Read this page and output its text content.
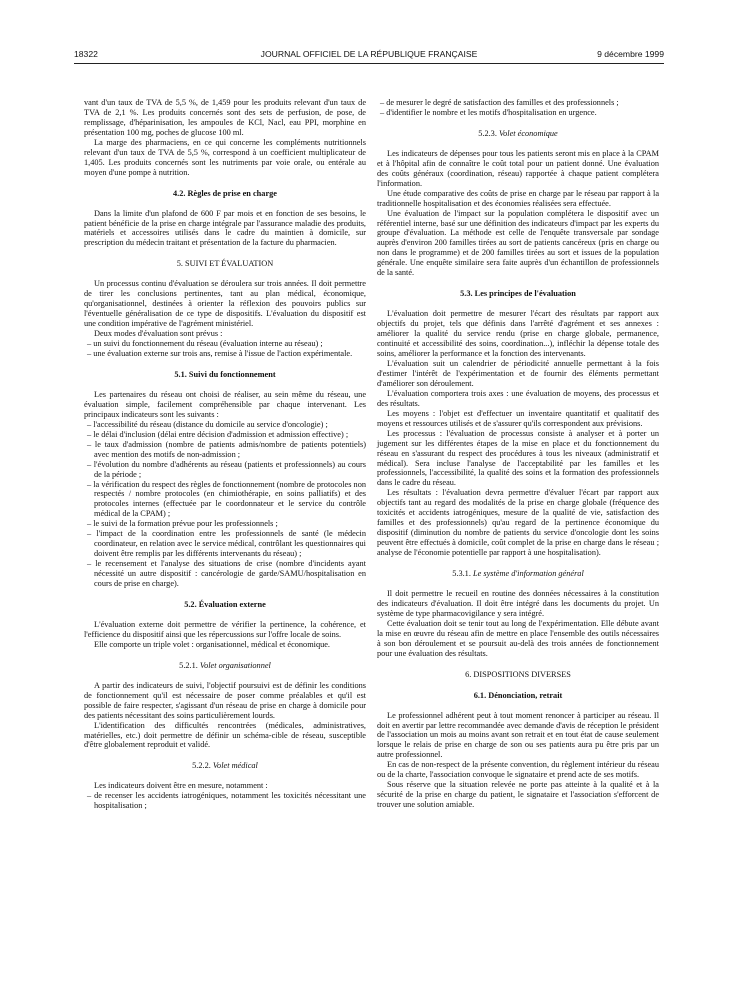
18322	JOURNAL OFFICIEL DE LA RÉPUBLIQUE FRANÇAISE	9 décembre 1999

vant d'un taux de TVA de 5,5 %, de 1,459 pour les produits relevant d'un taux de TVA de 2,1 %. Les produits concernés sont des sets de perfusion, de pose, de remplissage, d'héparinisation, les ampoules de KCl, Nacl, eau PPI, morphine en présentation 100 mg, poches de glucose 100 ml.

La marge des pharmaciens, en ce qui concerne les compléments nutritionnels relevant d'un taux de TVA de 5,5 %, correspond à un coefficient multiplicateur de 1,405. Les produits concernés sont les nutriments par voie orale, ou entérale au moyen d'une pompe à nutrition.

4.2. Règles de prise en charge

Dans la limite d'un plafond de 600 F par mois et en fonction de ses besoins, le patient bénéficie de la prise en charge intégrale par l'assurance maladie des produits, matériels et accessoires utilisés dans le cadre du maintien à domicile, sur prescription du médecin traitant et présentation de la facture du pharmacien.

5. SUIVI ET ÉVALUATION

Un processus continu d'évaluation se déroulera sur trois années. Il doit permettre de tirer les conclusions pertinentes, tant au plan médical, économique, qu'organisationnel, destinées à orienter la réflexion des pouvoirs publics sur l'éventuelle généralisation de ce type de dispositifs. L'évaluation du dispositif est une condition impérative de l'agrément ministériel.

Deux modes d'évaluation sont prévus :

– un suivi du fonctionnement du réseau (évaluation interne au réseau) ;
– une évaluation externe sur trois ans, remise à l'issue de l'action expérimentale.
5.1. Suivi du fonctionnement

Les partenaires du réseau ont choisi de réaliser, au sein même du réseau, une évaluation simple, facilement compréhensible par chaque intervenant. Les principaux indicateurs sont les suivants :

– l'accessibilité du réseau (distance du domicile au service d'oncologie) ;
– le délai d'inclusion (délai entre décision d'admission et admission effective) ;
– le taux d'admission (nombre de patients admis/nombre de patients potentiels) avec mention des motifs de non-admission ;
– l'évolution du nombre d'adhérents au réseau (patients et professionnels) au cours de la période ;
– la vérification du respect des règles de fonctionnement (nombre de protocoles non respectés / nombre protocoles (en chimiothérapie, en soins palliatifs) et des protocoles internes (effectuée par le coordonnateur et le service du contrôle médical de la CPAM) ;
– le suivi de la formation prévue pour les professionnels ;
– l'impact de la coordination entre les professionnels de santé (le médecin coordinateur, en relation avec le service médical, contrôlant les questionnaires qui doivent être remplis par les différents intervenants du réseau) ;
– le recensement et l'analyse des situations de crise (nombre d'incidents ayant nécessité un autre dispositif : cancérologie de garde/SAMU/hospitalisation en cours de prise en charge).
5.2. Évaluation externe

L'évaluation externe doit permettre de vérifier la pertinence, la cohérence, et l'efficience du dispositif ainsi que les répercussions sur l'offre locale de soins.

Elle comporte un triple volet : organisationnel, médical et économique.

5.2.1. Volet organisationnel

A partir des indicateurs de suivi, l'objectif poursuivi est de définir les conditions de fonctionnement qu'il est nécessaire de poser comme préalables et qu'il est possible de faire respecter, s'agissant d'un réseau de prise en charge à domicile pour des patients nécessitant des soins particulièrement lourds.

L'identification des difficultés rencontrées (médicales, administratives, matérielles, etc.) doit permettre de définir un schéma-cible de réseau, susceptible d'être globalement reproduit et validé.

5.2.2. Volet médical

Les indicateurs doivent être en mesure, notamment :

– de recenser les accidents iatrogéniques, notamment les toxicités nécessitant une hospitalisation ;
– de mesurer le degré de satisfaction des familles et des professionnels ;
– d'identifier le nombre et les motifs d'hospitalisation en urgence.
5.2.3. Volet économique

Les indicateurs de dépenses pour tous les patients seront mis en place à la CPAM et à l'hôpital afin de connaître le coût total pour un patient donné. Une évaluation des coûts généraux (coordination, réseau) rapportée à chaque patient complétera l'information.

Une étude comparative des coûts de prise en charge par le réseau par rapport à la traditionnelle hospitalisation et des économies réalisées sera effectuée.

Une évaluation de l'impact sur la population complétera le dispositif avec un référentiel interne, basé sur une définition des indicateurs d'impact par les experts du groupe d'évaluation. La méthode est celle de l'enquête transversale par sondage auprès d'environ 200 familles tirées au sort de patients cancéreux (pris en charge ou non dans le programme) et de 200 familles tirées au sort et issues de la population générale. Une enquête similaire sera faite auprès d'un échantillon de professionnels de la santé.

5.3. Les principes de l'évaluation

L'évaluation doit permettre de mesurer l'écart des résultats par rapport aux objectifs du projet, tels que définis dans l'arrêté d'agrément et ses annexes : améliorer la qualité du service rendu (prise en charge globale, permanence, continuité et accessibilité des soins, coordination...), infléchir la dépense totale des soins, améliorer la performance et la fonction des intervenants.

L'évaluation suit un calendrier de périodicité annuelle permettant à la fois d'estimer l'intérêt de l'expérimentation et de fournir des éléments permettant d'améliorer son déroulement.

L'évaluation comportera trois axes : une évaluation de moyens, des processus et des résultats.

Les moyens : l'objet est d'effectuer un inventaire quantitatif et qualitatif des moyens et ressources utilisés et de s'assurer qu'ils correspondent aux prévisions.

Les processus : l'évaluation de processus consiste à analyser et à porter un jugement sur les différentes étapes de la mise en place et du fonctionnement du réseau en s'assurant du respect des procédures à tous les niveaux (administratif et médical). Sera incluse l'analyse de l'acceptabilité par les familles et les professionnels, l'accessibilité, la qualité des soins et la formation des professionnels dans le cadre du réseau.

Les résultats : l'évaluation devra permettre d'évaluer l'écart par rapport aux objectifs tant au regard des modalités de la prise en charge globale (fréquence des toxicités et accidents iatrogéniques, mesure de la qualité de vie, satisfaction des familles et des professionnels) qu'au regard de la pertinence économique du dispositif (diminution du nombre de patients du service d'oncologie dont les soins peuvent être effectués à domicile, coût complet de la prise en charge dans le réseau ; analyse de l'économie potentielle par rapport à une hospitalisation).

5.3.1. Le système d'information général

Il doit permettre le recueil en routine des données nécessaires à la constitution des indicateurs d'évaluation. Il doit être intégré dans les documents du projet. Un système de type pharmacovigilance y sera intégré.

Cette évaluation doit se tenir tout au long de l'expérimentation. Elle débute avant la mise en œuvre du réseau afin de mettre en place l'ensemble des outils nécessaires à son bon déroulement et se poursuit au-delà des trois années de fonctionnement pour une évaluation des résultats.

6. DISPOSITIONS DIVERSES
6.1. Dénonciation, retrait

Le professionnel adhérent peut à tout moment renoncer à participer au réseau. Il doit en avertir par lettre recommandée avec demande d'avis de réception le président de l'association un mois au moins avant son retrait et en tout état de cause seulement lorsque le relais de prise en charge de son ou ses patients aura pu être pris par un autre professionnel.

En cas de non-respect de la présente convention, du règlement intérieur du réseau ou de la charte, l'association convoque le signataire et prend acte de ses motifs.

Sous réserve que la situation relevée ne porte pas atteinte à la qualité et à la sécurité de la prise en charge du patient, le signataire et l'association s'efforcent de trouver une solution amiable.
